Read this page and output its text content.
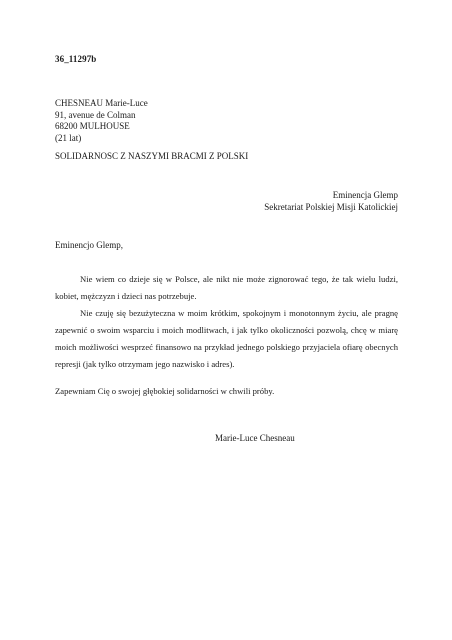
36_11297b
CHESNEAU Marie-Luce
91, avenue de Colman
68200 MULHOUSE
(21 lat)
SOLIDARNOSC Z NASZYMI BRACMI Z POLSKI
Eminencja Glemp
Sekretariat Polskiej Misji Katolickiej
Eminencjo Glemp,

Nie wiem co dzieje się w Polsce, ale nikt nie może zignorować tego, że tak wielu ludzi, kobiet, mężczyzn i dzieci nas potrzebuje.

Nie czuję się bezużyteczna w moim krótkim, spokojnym i monotonnym życiu, ale pragnę zapewnić o swoim wsparciu i moich modlitwach, i jak tylko okoliczności pozwolą, chcę w miarę moich możliwości wesprzeć finansowo na przykład jednego polskiego przyjaciela ofiarę obecnych represji (jak tylko otrzymam jego nazwisko i adres).

Zapewniam Cię o swojej głębokiej solidarności w chwili próby.
Marie-Luce Chesneau
